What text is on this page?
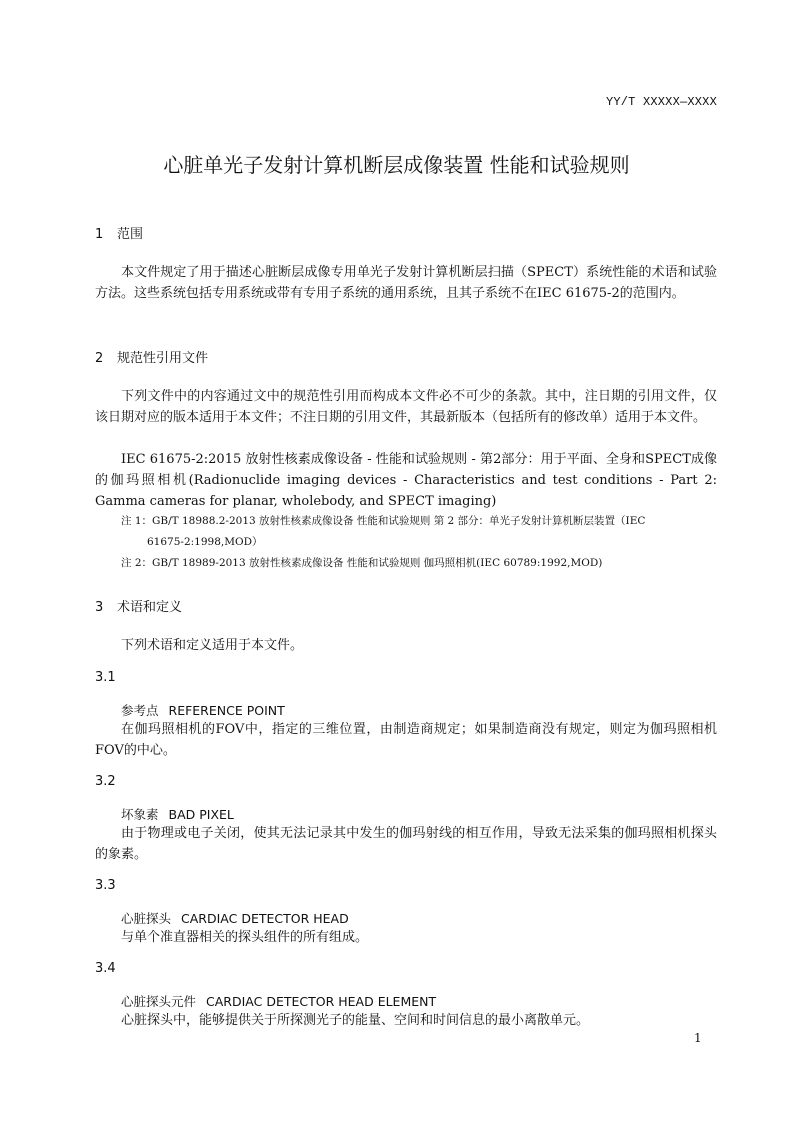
YY/T XXXXX—XXXX
心脏单光子发射计算机断层成像装置 性能和试验规则
1 范围
本文件规定了用于描述心脏断层成像专用单光子发射计算机断层扫描（SPECT）系统性能的术语和试验方法。这些系统包括专用系统或带有专用子系统的通用系统，且其子系统不在IEC 61675-2的范围内。
2 规范性引用文件
下列文件中的内容通过文中的规范性引用而构成本文件必不可少的条款。其中，注日期的引用文件，仅该日期对应的版本适用于本文件；不注日期的引用文件，其最新版本（包括所有的修改单）适用于本文件。
IEC 61675-2:2015 放射性核素成像设备 - 性能和试验规则 - 第2部分：用于平面、全身和SPECT成像的伽玛照相机(Radionuclide imaging devices - Characteristics and test conditions - Part 2: Gamma cameras for planar, wholebody, and SPECT imaging)
注 1：GB/T 18988.2-2013 放射性核素成像设备 性能和试验规则 第 2 部分：单光子发射计算机断层装置（IEC
61675-2:1998,MOD）
注 2：GB/T 18989-2013 放射性核素成像设备 性能和试验规则 伽玛照相机(IEC 60789:1992,MOD)
3 术语和定义
下列术语和定义适用于本文件。
3.1
参考点 REFERENCE POINT
在伽玛照相机的FOV中，指定的三维位置，由制造商规定；如果制造商没有规定，则定为伽玛照相机FOV的中心。
3.2
坏象素 BAD PIXEL
由于物理或电子关闭，使其无法记录其中发生的伽玛射线的相互作用，导致无法采集的伽玛照相机探头的象素。
3.3
心脏探头 CARDIAC DETECTOR HEAD
与单个准直器相关的探头组件的所有组成。
3.4
心脏探头元件 CARDIAC DETECTOR HEAD ELEMENT
心脏探头中，能够提供关于所探测光子的能量、空间和时间信息的最小离散单元。
1
